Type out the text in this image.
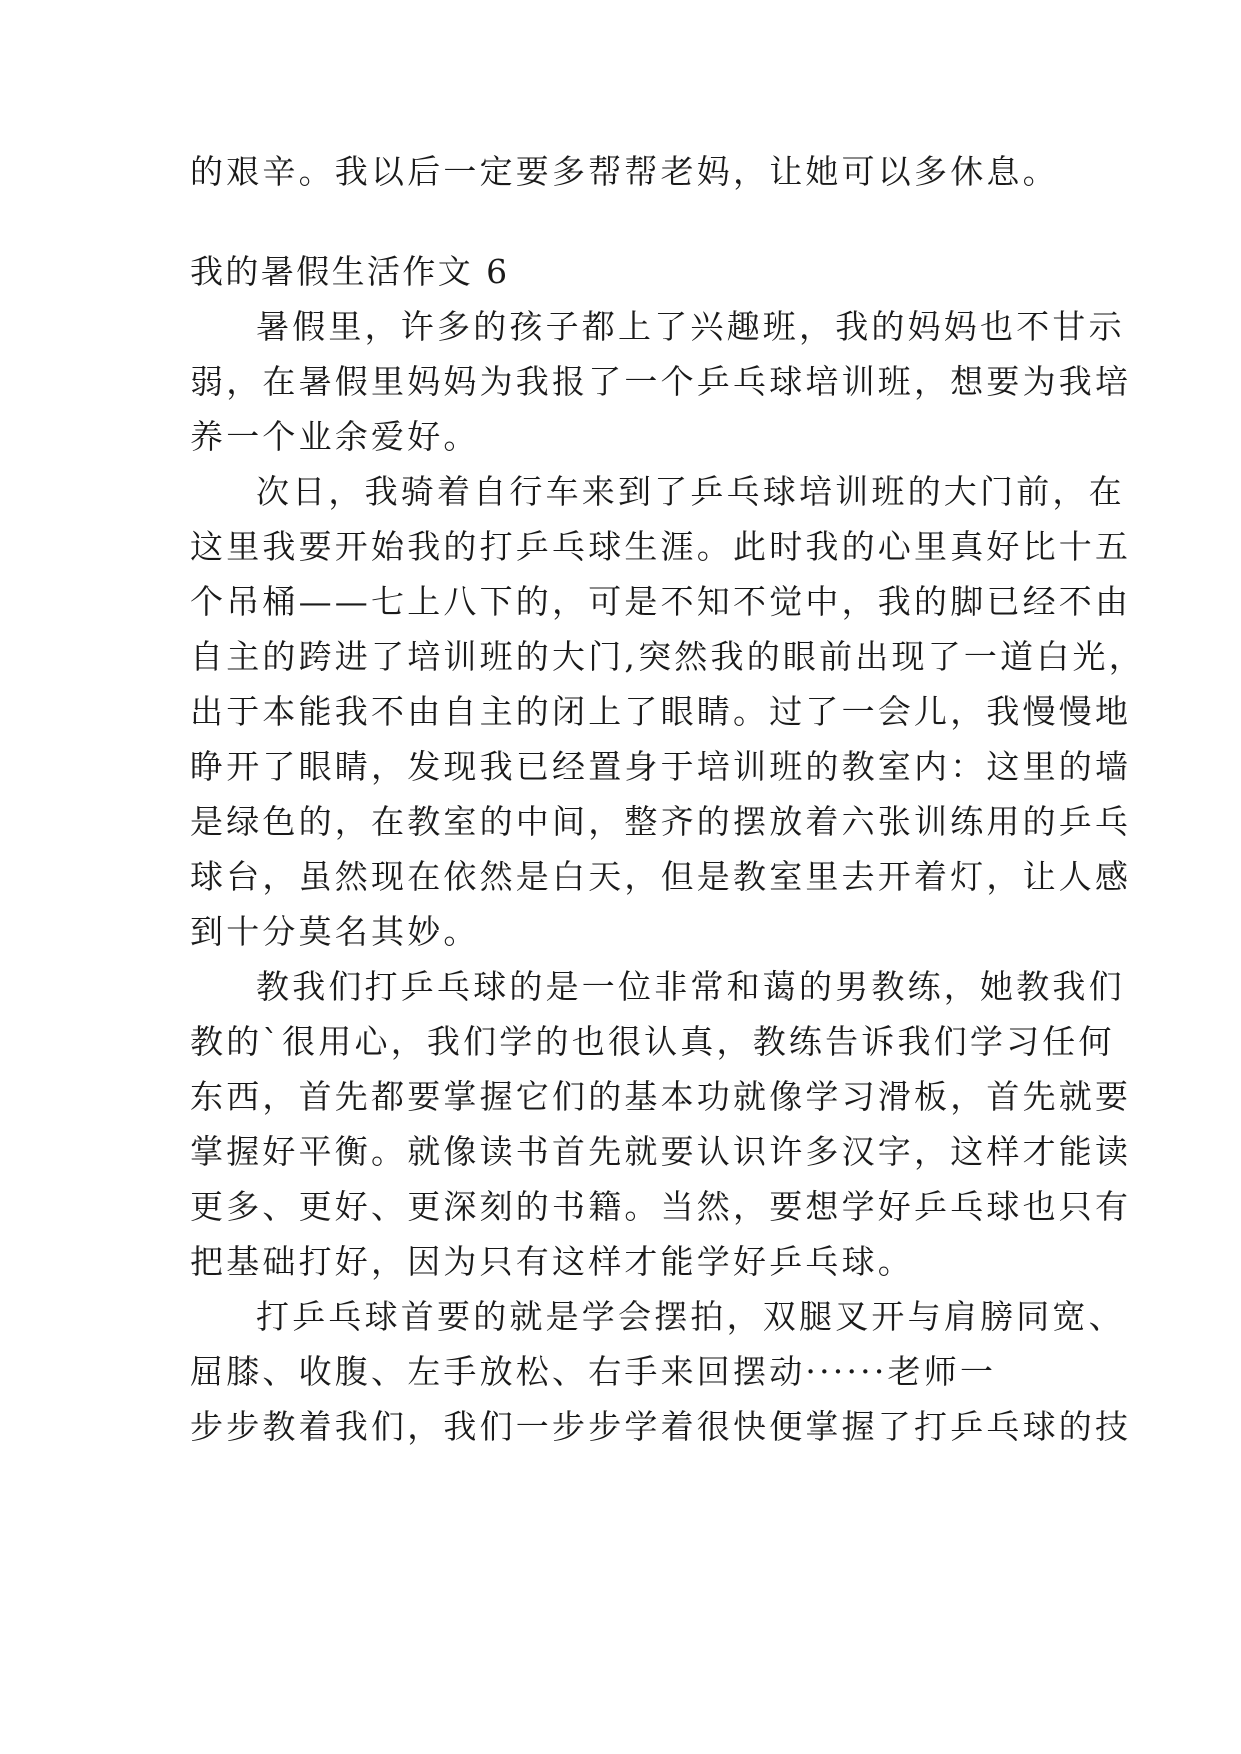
的艰辛。我以后一定要多帮帮老妈，让她可以多休息。
我的暑假生活作文 6
暑假里，许多的孩子都上了兴趣班，我的妈妈也不甘示
弱，在暑假里妈妈为我报了一个乒乓球培训班，想要为我培
养一个业余爱好。
次日，我骑着自行车来到了乒乓球培训班的大门前，在
这里我要开始我的打乒乓球生涯。此时我的心里真好比十五
个吊桶——七上八下的，可是不知不觉中，我的脚已经不由
自主的跨进了培训班的大门,突然我的眼前出现了一道白光，
出于本能我不由自主的闭上了眼睛。过了一会儿，我慢慢地
睁开了眼睛，发现我已经置身于培训班的教室内：这里的墙
是绿色的，在教室的中间，整齐的摆放着六张训练用的乒乓
球台，虽然现在依然是白天，但是教室里去开着灯，让人感
到十分莫名其妙。
教我们打乒乓球的是一位非常和蔼的男教练，她教我们
教的`很用心，我们学的也很认真，教练告诉我们学习任何
东西，首先都要掌握它们的基本功就像学习滑板，首先就要
掌握好平衡。就像读书首先就要认识许多汉字，这样才能读
更多、更好、更深刻的书籍。当然，要想学好乒乓球也只有
把基础打好，因为只有这样才能学好乒乓球。
打乒乓球首要的就是学会摆拍，双腿叉开与肩膀同宽、
屈膝、收腹、左手放松、右手来回摆动······老师一
步步教着我们，我们一步步学着很快便掌握了打乒乓球的技
